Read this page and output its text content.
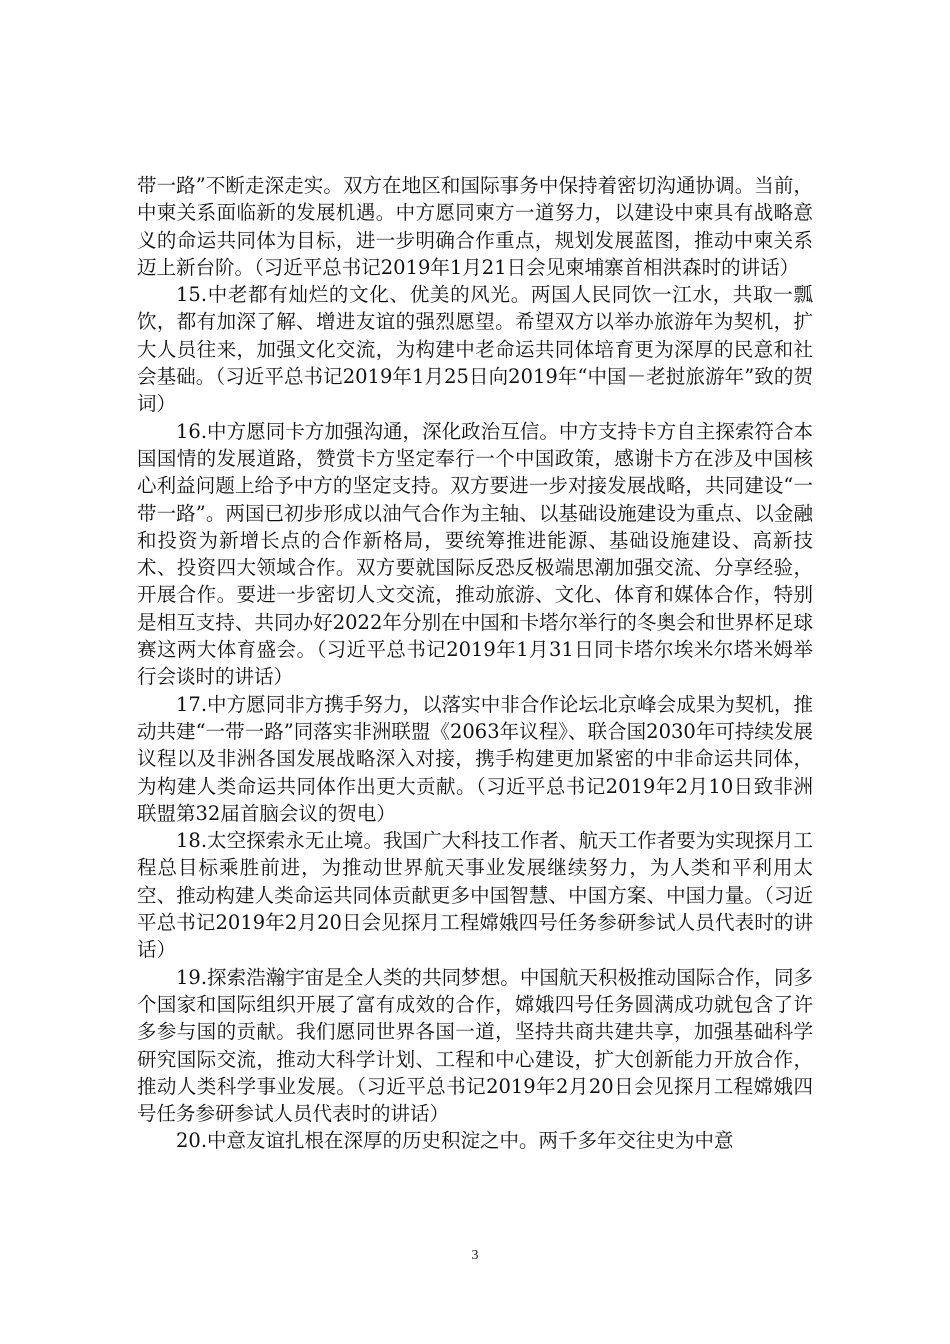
带一路”不断走深走实。双方在地区和国际事务中保持着密切沟通协调。当前，中柬关系面临新的发展机遇。中方愿同柬方一道努力，以建设中柬具有战略意义的命运共同体为目标，进一步明确合作重点，规划发展蓝图，推动中柬关系迈上新台阶。（习近平总书记2019年1月21日会见柬埔寨首相洪森时的讲话）

15.中老都有灿烂的文化、优美的风光。两国人民同饮一江水，共取一瓢饮，都有加深了解、增进友谊的强烈愿望。希望双方以举办旅游年为契机，扩大人员往来，加强文化交流，为构建中老命运共同体培育更为深厚的民意和社会基础。（习近平总书记2019年1月25日向2019年“中国－老挝旅游年”致的贺词）

16.中方愿同卡方加强沟通，深化政治互信。中方支持卡方自主探索符合本国国情的发展道路，赞赏卡方坚定奉行一个中国政策，感谢卡方在涉及中国核心利益问题上给予中方的坚定支持。双方要进一步对接发展战略，共同建设“一带一路”。两国已初步形成以油气合作为主轴、以基础设施建设为重点、以金融和投资为新增长点的合作新格局，要统筹推进能源、基础设施建设、高新技术、投资四大领域合作。双方要就国际反恐反极端思潮加强交流、分享经验，开展合作。要进一步密切人文交流，推动旅游、文化、体育和媒体合作，特别是相互支持、共同办好2022年分别在中国和卡塔尔举行的冬奥会和世界杯足球赛这两大体育盛会。（习近平总书记2019年1月31日同卡塔尔埃米尔塔米姆举行会谈时的讲话）

17.中方愿同非方携手努力，以落实中非合作论坛北京峰会成果为契机，推动共建“一带一路”同落实非洲联盟《2063年议程》、联合国2030年可持续发展议程以及非洲各国发展战略深入对接，携手构建更加紧密的中非命运共同体，为构建人类命运共同体作出更大贡献。（习近平总书记2019年2月10日致非洲联盟第32届首脑会议的贺电）

18.太空探索永无止境。我国广大科技工作者、航天工作者要为实现探月工程总目标乘胜前进，为推动世界航天事业发展继续努力，为人类和平利用太空、推动构建人类命运共同体贡献更多中国智慧、中国方案、中国力量。（习近平总书记2019年2月20日会见探月工程嫦娥四号任务参研参试人员代表时的讲话）

19.探索浩瀚宇宙是全人类的共同梦想。中国航天积极推动国际合作，同多个国家和国际组织开展了富有成效的合作，嫦娥四号任务圆满成功就包含了许多参与国的贡献。我们愿同世界各国一道，坚持共商共建共享，加强基础科学研究国际交流，推动大科学计划、工程和中心建设，扩大创新能力开放合作，推动人类科学事业发展。（习近平总书记2019年2月20日会见探月工程嫦娥四号任务参研参试人员代表时的讲话）

20.中意友谊扎根在深厚的历史积淀之中。两千多年交往史为中意

3
